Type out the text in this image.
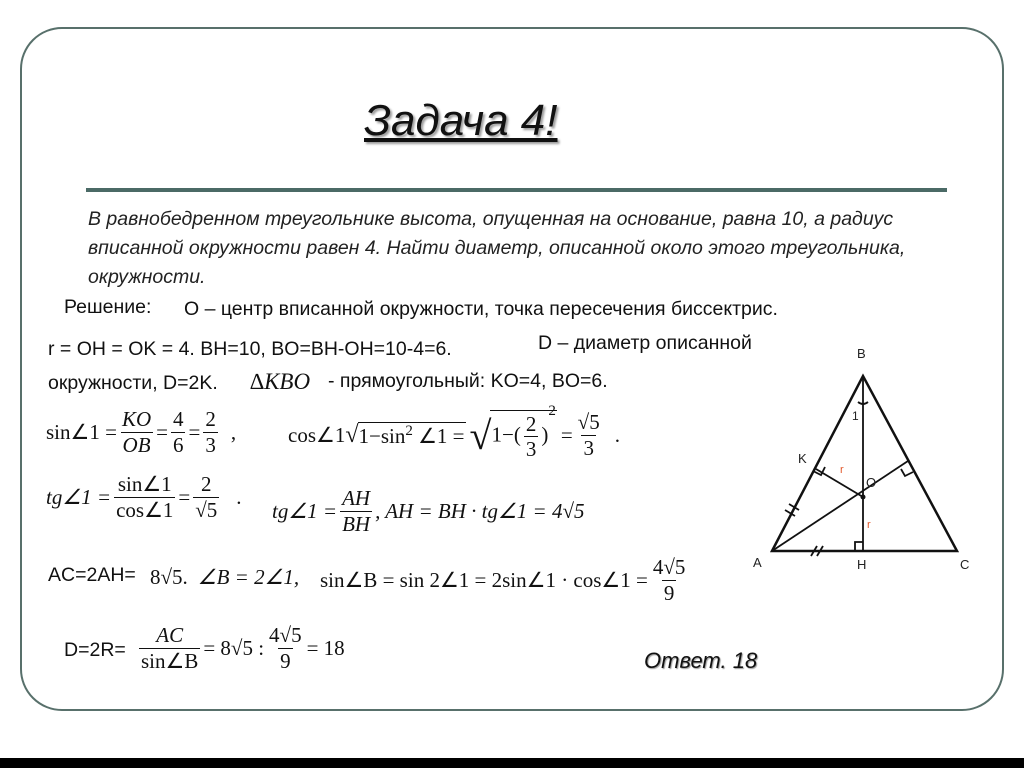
Задача 4!
В равнобедренном треугольнике высота, опущенная на основание, равна 10, а радиус вписанной окружности равен 4. Найти диаметр, описанной около этого треугольника, окружности.
Решение: О – центр вписанной окружности, точка пересечения биссектрис.
r = OH = OK = 4. BH=10, BO=BH-OH=10-4=6.	D – диаметр описанной
окружности, D=2K. ∆KBO - прямоугольный: KO=4, BO=6.
sin∠1 = $\frac{KO}{OB} = \frac{4}{6} = \frac{2}{3}$ , cos∠1 √ $1-\sin^2$ ∠1 = √ $1-( \frac{2}{3} )^2$
= $\frac{√5}{3}$ .
tg∠1 = $\frac{\sin\angle 1}{\cos\angle 1} = \frac{2}{√5}$ .
tg∠1 = $\frac{AH}{BH}$ , AH = BH · tg∠1 = 4√5
AC=2AH= 8√5. ∠B = 2∠1, sin∠B = sin 2∠1 = 2sin∠1 · cos∠1 = $\frac{4√5}{9}$
$D=2R= \frac{AC}{\sin\angle B} = 8√5$ : $\frac{4√5}{9} = 18$
Ответ. 18
B
A	C
H
K
O
1
r
r
